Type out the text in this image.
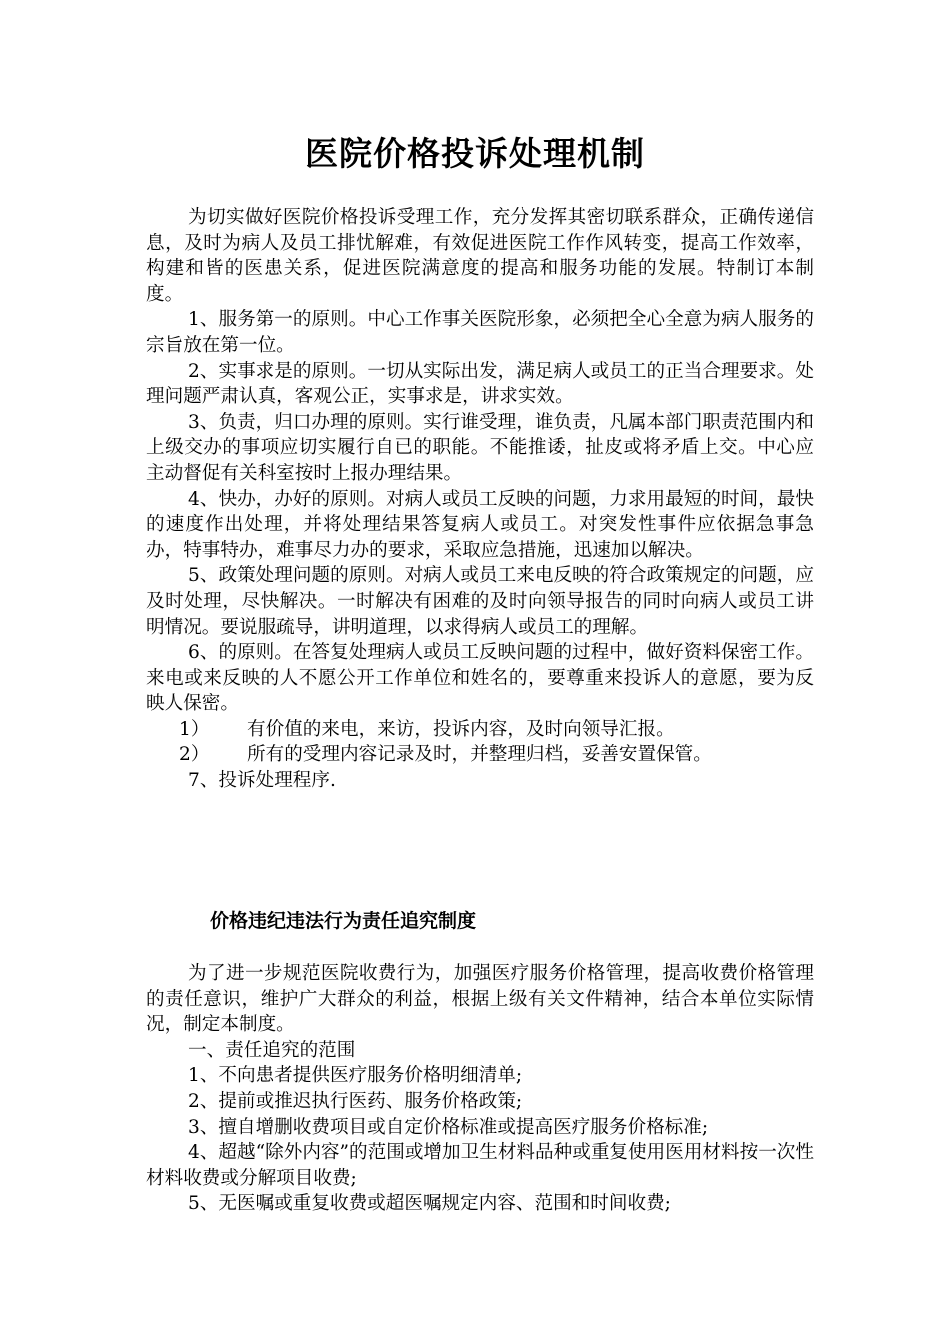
医院价格投诉处理机制

为切实做好医院价格投诉受理工作，充分发挥其密切联系群众，正确传递信息，及时为病人及员工排忧解难，有效促进医院工作作风转变，提高工作效率，构建和皆的医患关系，促进医院满意度的提高和服务功能的发展。特制订本制度。

1、服务第一的原则。中心工作事关医院形象，必须把全心全意为病人服务的宗旨放在第一位。

2、实事求是的原则。一切从实际出发，满足病人或员工的正当合理要求。处理问题严肃认真，客观公正，实事求是，讲求实效。

3、负责，归口办理的原则。实行谁受理，谁负责，凡属本部门职责范围内和上级交办的事项应切实履行自已的职能。不能推诿，扯皮或将矛盾上交。中心应主动督促有关科室按时上报办理结果。

4、快办，办好的原则。对病人或员工反映的问题，力求用最短的时间，最快的速度作出处理，并将处理结果答复病人或员工。对突发性事件应依据急事急办，特事特办，难事尽力办的要求，采取应急措施，迅速加以解决。

5、政策处理问题的原则。对病人或员工来电反映的符合政策规定的问题，应及时处理，尽快解决。一时解决有困难的及时向领导报告的同时向病人或员工讲明情况。要说服疏导，讲明道理，以求得病人或员工的理解。

6、的原则。在答复处理病人或员工反映问题的过程中，做好资料保密工作。来电或来反映的人不愿公开工作单位和姓名的，要尊重来投诉人的意愿，要为反映人保密。

1） 有价值的来电，来访，投诉内容，及时向领导汇报。

2） 所有的受理内容记录及时，并整理归档，妥善安置保管。

7、投诉处理程序.

价格违纪违法行为责任追究制度

为了进一步规范医院收费行为，加强医疗服务价格管理，提高收费价格管理的责任意识，维护广大群众的利益，根据上级有关文件精神，结合本单位实际情况，制定本制度。

一、责任追究的范围

1、不向患者提供医疗服务价格明细清单;

2、提前或推迟执行医药、服务价格政策;

3、擅自增删收费项目或自定价格标准或提高医疗服务价格标准;

4、超越“除外内容”的范围或增加卫生材料品种或重复使用医用材料按一次性材料收费或分解项目收费;

5、无医嘱或重复收费或超医嘱规定内容、范围和时间收费;
